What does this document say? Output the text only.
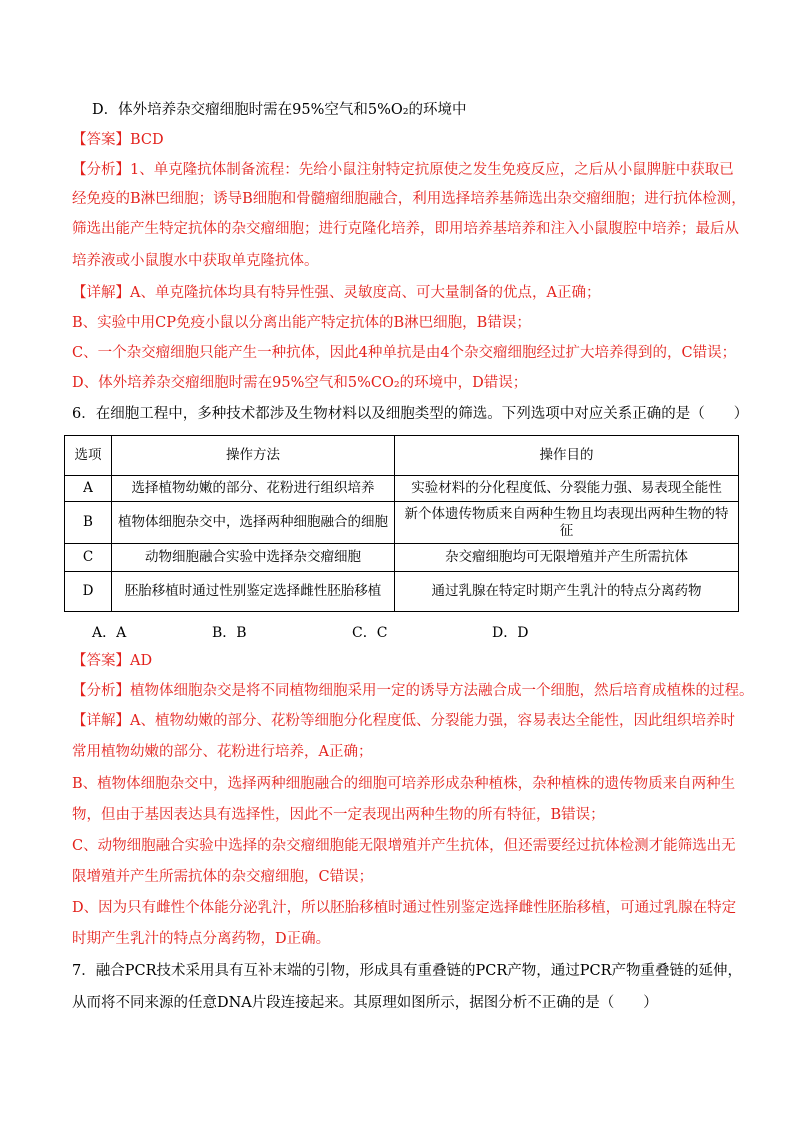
D．体外培养杂交瘤细胞时需在95%空气和5%O₂的环境中
【答案】BCD
【分析】1、单克隆抗体制备流程：先给小鼠注射特定抗原使之发生免疫反应，之后从小鼠脾脏中获取已
经免疫的B淋巴细胞；诱导B细胞和骨髓瘤细胞融合，利用选择培养基筛选出杂交瘤细胞；进行抗体检测，
筛选出能产生特定抗体的杂交瘤细胞；进行克隆化培养，即用培养基培养和注入小鼠腹腔中培养；最后从
培养液或小鼠腹水中获取单克隆抗体。
【详解】A、单克隆抗体均具有特异性强、灵敏度高、可大量制备的优点，A正确；
B、实验中用CP免疫小鼠以分离出能产特定抗体的B淋巴细胞，B错误；
C、一个杂交瘤细胞只能产生一种抗体，因此4种单抗是由4个杂交瘤细胞经过扩大培养得到的，C错误；
D、体外培养杂交瘤细胞时需在95%空气和5%CO₂的环境中，D错误；
6．在细胞工程中，多种技术都涉及生物材料以及细胞类型的筛选。下列选项中对应关系正确的是（　　）
选项	操作方法	操作目的
A	选择植物幼嫩的部分、花粉进行组织培养	实验材料的分化程度低、分裂能力强、易表现全能性
B	植物体细胞杂交中，选择两种细胞融合的细胞	新个体遗传物质来自两种生物且均表现出两种生物的特征
C	动物细胞融合实验中选择杂交瘤细胞	杂交瘤细胞均可无限增殖并产生所需抗体
D	胚胎移植时通过性别鉴定选择雌性胚胎移植	通过乳腺在特定时期产生乳汁的特点分离药物
A．A	B．B	C．C	D．D
【答案】AD
【分析】植物体细胞杂交是将不同植物细胞采用一定的诱导方法融合成一个细胞，然后培育成植株的过程。
【详解】A、植物幼嫩的部分、花粉等细胞分化程度低、分裂能力强，容易表达全能性，因此组织培养时
常用植物幼嫩的部分、花粉进行培养，A正确；
B、植物体细胞杂交中，选择两种细胞融合的细胞可培养形成杂种植株，杂种植株的遗传物质来自两种生
物，但由于基因表达具有选择性，因此不一定表现出两种生物的所有特征，B错误；
C、动物细胞融合实验中选择的杂交瘤细胞能无限增殖并产生抗体，但还需要经过抗体检测才能筛选出无
限增殖并产生所需抗体的杂交瘤细胞，C错误；
D、因为只有雌性个体能分泌乳汁，所以胚胎移植时通过性别鉴定选择雌性胚胎移植，可通过乳腺在特定
时期产生乳汁的特点分离药物，D正确。
7．融合PCR技术采用具有互补末端的引物，形成具有重叠链的PCR产物，通过PCR产物重叠链的延伸，
从而将不同来源的任意DNA片段连接起来。其原理如图所示，据图分析不正确的是（　　）
